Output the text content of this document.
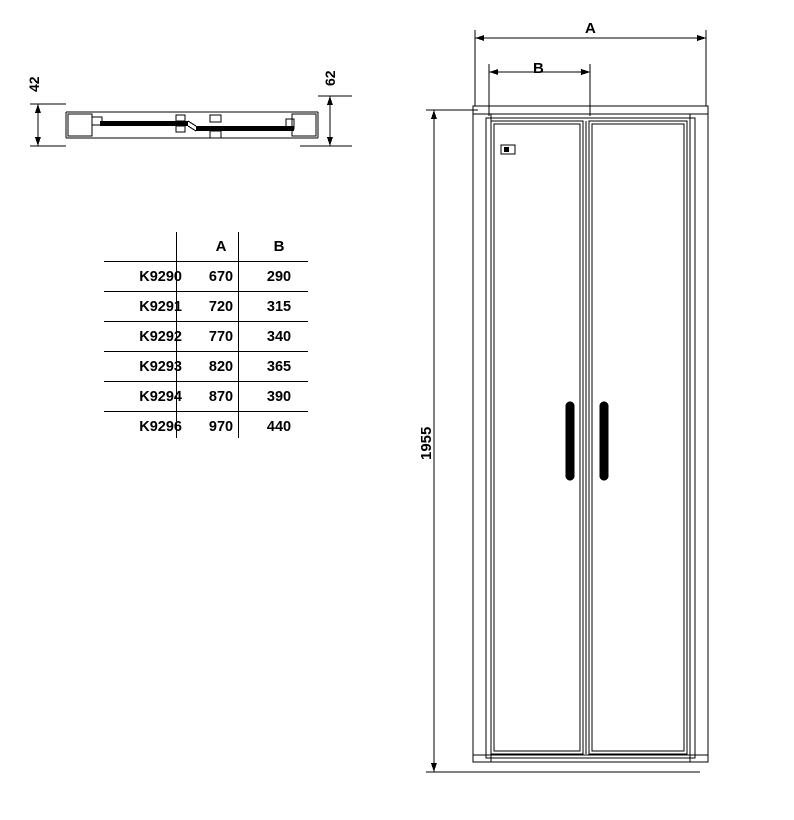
42	62
A
B
1955
	A	B
K9290	670	290
K9291	720	315
K9292	770	340
K9293	820	365
K9294	870	390
K9296	970	440
